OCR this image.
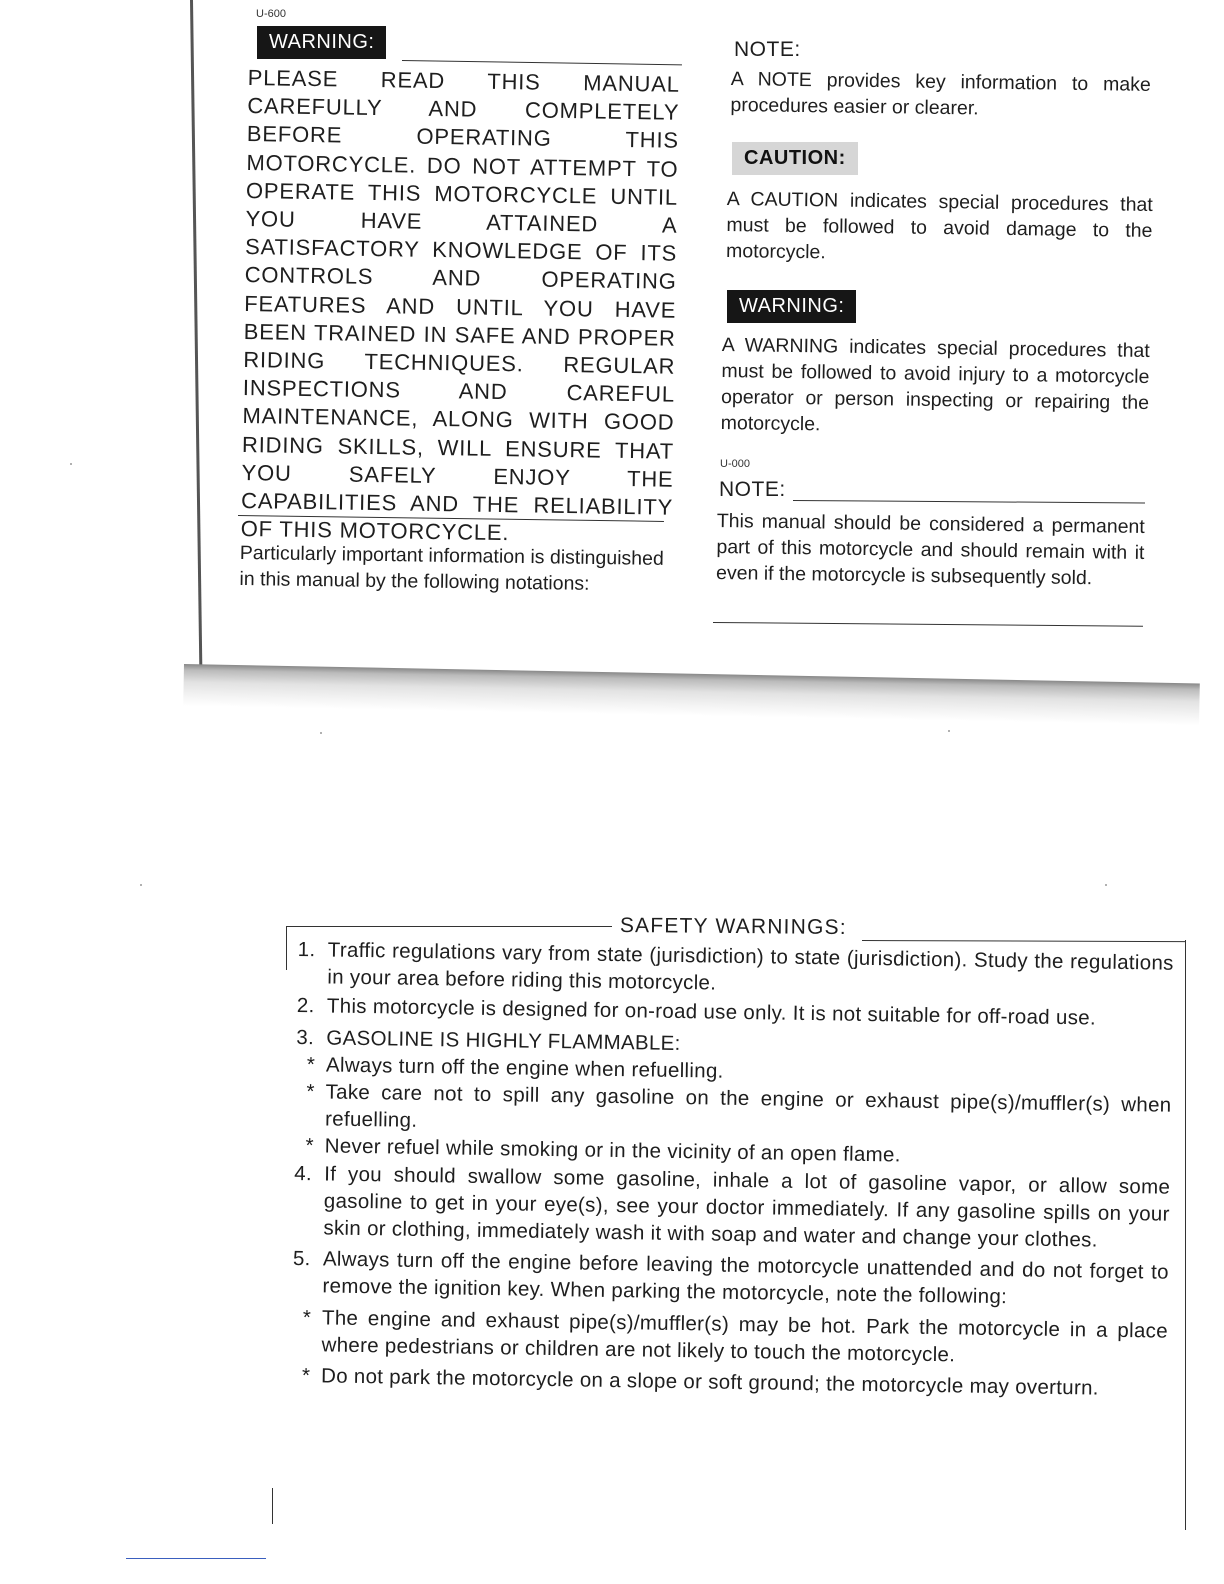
U-600
WARNING:
PLEASE READ THIS MANUAL CAREFULLY AND COMPLETELY BEFORE OPERATING THIS MOTORCYCLE. DO NOT ATTEMPT TO OPERATE THIS MOTORCYCLE UNTIL YOU HAVE ATTAINED A SATISFACTORY KNOWLEDGE OF ITS CONTROLS AND OPERATING FEATURES AND UNTIL YOU HAVE BEEN TRAINED IN SAFE AND PROPER RIDING TECHNIQUES. REGULAR INSPECTIONS AND CAREFUL MAINTENANCE, ALONG WITH GOOD RIDING SKILLS, WILL ENSURE THAT YOU SAFELY ENJOY THE CAPABILITIES AND THE RELIABILITY OF THIS MOTORCYCLE.
Particularly important information is distinguished in this manual by the following notations:
NOTE:
A NOTE provides key information to make procedures easier or clearer.
CAUTION:
A CAUTION indicates special procedures that must be followed to avoid damage to the motorcycle.
WARNING:
A WARNING indicates special procedures that must be followed to avoid injury to a motorcycle operator or person inspecting or repairing the motorcycle.
U-000
NOTE:
This manual should be considered a permanent part of this motorcycle and should remain with it even if the motorcycle is subsequently sold.
SAFETY WARNINGS:
1. Traffic regulations vary from state (jurisdiction) to state (jurisdiction). Study the regulations in your area before riding this motorcycle.
2. This motorcycle is designed for on-road use only. It is not suitable for off-road use.
3. GASOLINE IS HIGHLY FLAMMABLE:
* Always turn off the engine when refuelling.
* Take care not to spill any gasoline on the engine or exhaust pipe(s)/muffler(s) when refuelling.
* Never refuel while smoking or in the vicinity of an open flame.
4. If you should swallow some gasoline, inhale a lot of gasoline vapor, or allow some gasoline to get in your eye(s), see your doctor immediately. If any gasoline spills on your skin or clothing, immediately wash it with soap and water and change your clothes.
5. Always turn off the engine before leaving the motorcycle unattended and do not forget to remove the ignition key. When parking the motorcycle, note the following:
* The engine and exhaust pipe(s)/muffler(s) may be hot. Park the motorcycle in a place where pedestrians or children are not likely to touch the motorcycle.
* Do not park the motorcycle on a slope or soft ground; the motorcycle may overturn.
